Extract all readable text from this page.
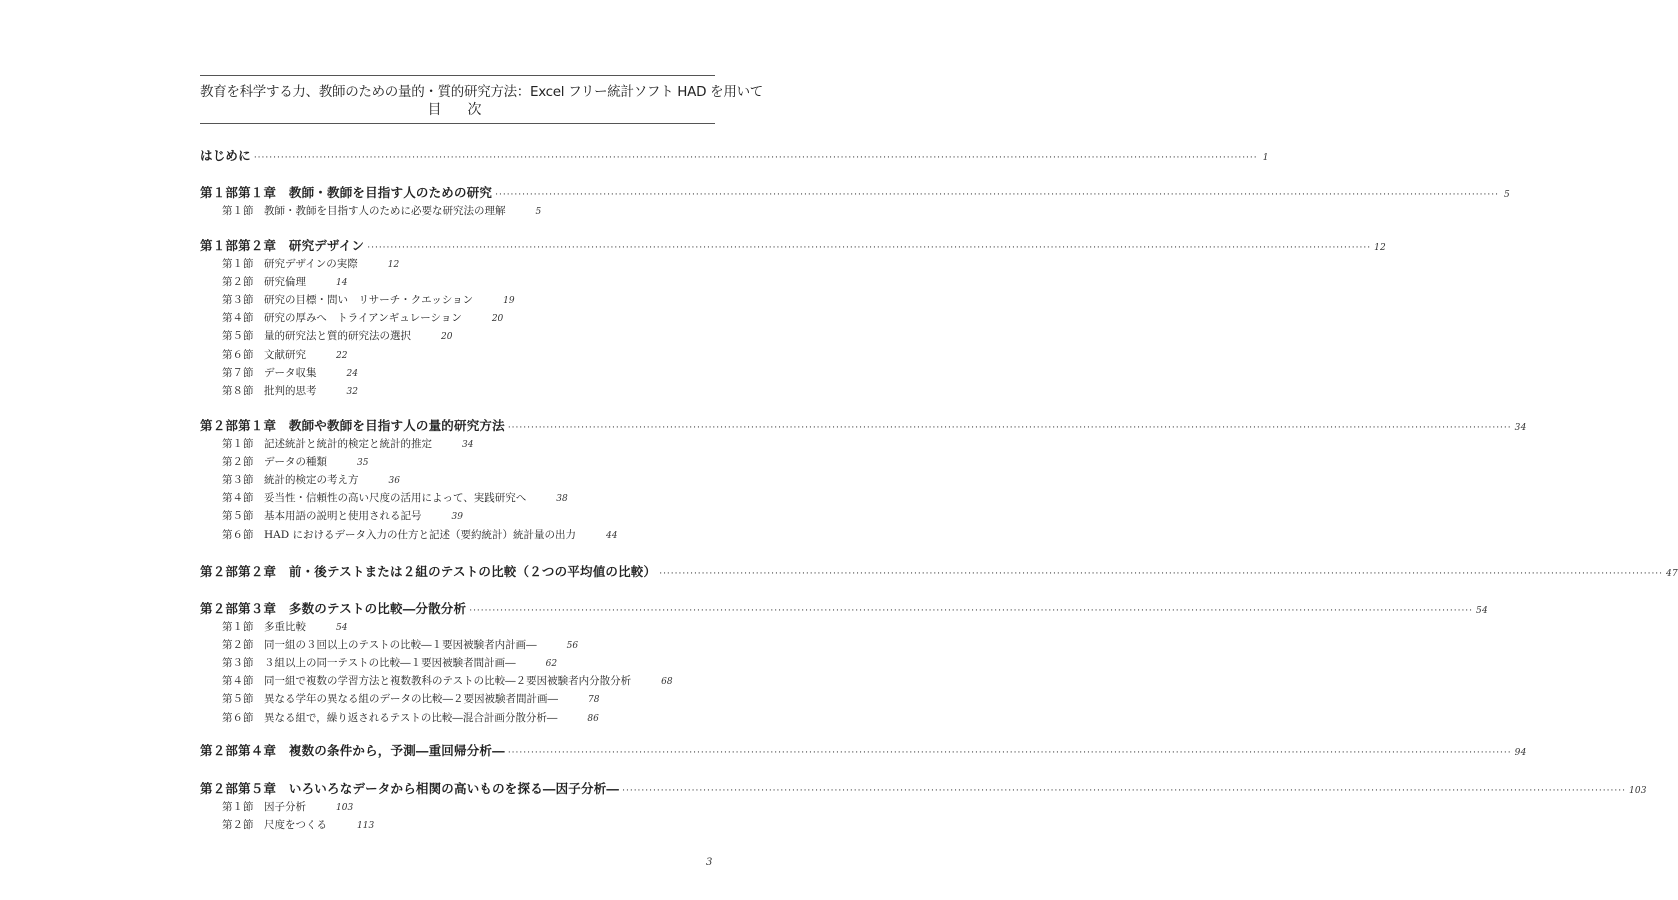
教育を科学する力、教師のための量的・質的研究方法：Excel フリー統計ソフト HAD を用いて
目　次
はじめに ···································································································································································································································································· 1
第１部第１章　教師・教師を目指す人のための研究 ···································································································································································································································································· 5
第１節	教師・教師を目指す人のために必要な研究法の理解	5
第１部第２章　研究デザイン ···································································································································································································································································· 12
第１節	研究デザインの実際	12
第２節	研究倫理	14
第３節	研究の目標・問い　リサーチ・クエッション	19
第４節	研究の厚みへ　トライアンギュレーション	20
第５節	量的研究法と質的研究法の選択	20
第６節	文献研究	22
第７節	データ収集	24
第８節	批判的思考	32
第２部第１章　教師や教師を目指す人の量的研究方法 ···································································································································································································································································· 34
第１節	記述統計と統計的検定と統計的推定	34
第２節	データの種類	35
第３節	統計的検定の考え方	36
第４節	妥当性・信頼性の高い尺度の活用によって、実践研究へ	38
第５節	基本用語の説明と使用される記号	39
第６節	HAD におけるデータ入力の仕方と記述（要約統計）統計量の出力	44
第２部第２章　前・後テストまたは２組のテストの比較（２つの平均値の比較） ···································································································································································································································································· 47
第２部第３章　多数のテストの比較―分散分析 ···································································································································································································································································· 54
第１節	多重比較	54
第２節	同一組の３回以上のテストの比較―１要因被験者内計画―	56
第３節	３組以上の同一テストの比較―１要因被験者間計画―	62
第４節	同一組で複数の学習方法と複数教科のテストの比較―２要因被験者内分散分析	68
第５節	異なる学年の異なる組のデータの比較―２要因被験者間計画―	78
第６節	異なる組で，繰り返されるテストの比較―混合計画分散分析―	86
第２部第４章　複数の条件から，予測―重回帰分析― ···································································································································································································································································· 94
第２部第５章　いろいろなデータから相関の高いものを探る―因子分析― ···································································································································································································································································· 103
第１節	因子分析	103
第２節	尺度をつくる	113
3
